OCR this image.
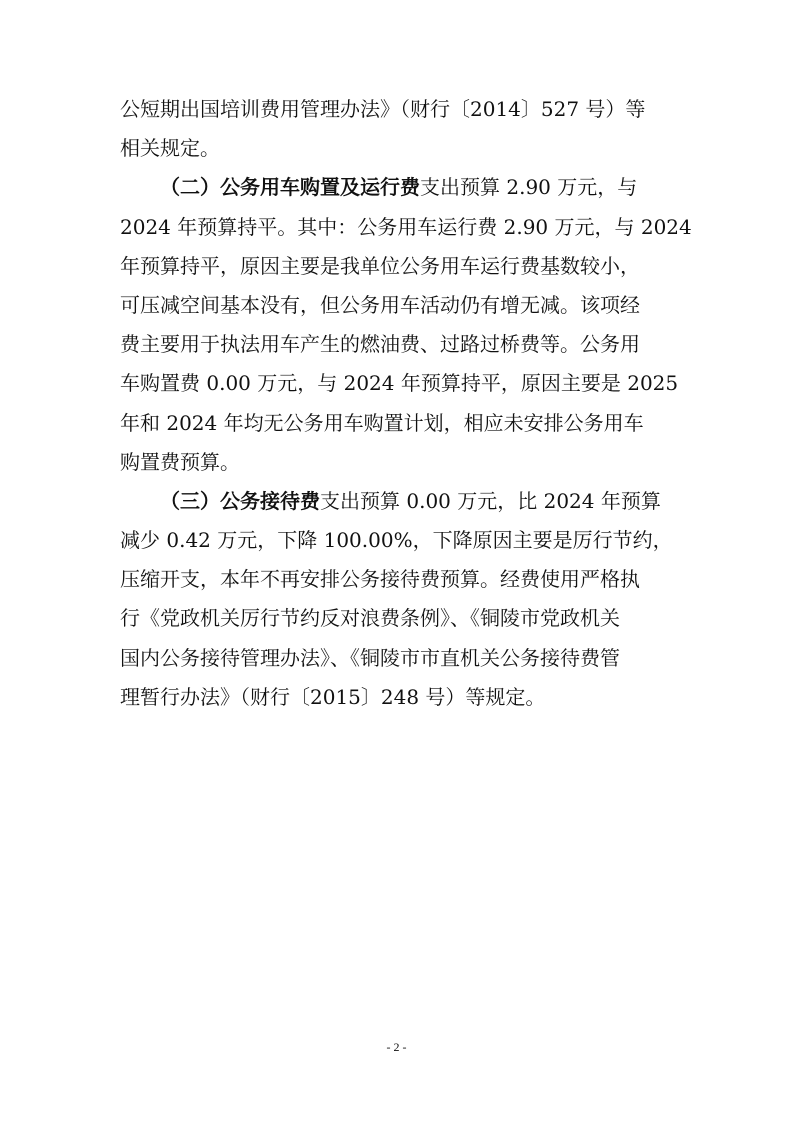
公短期出国培训费用管理办法》（财行〔2014〕527 号）等
相关规定。
（二）公务用车购置及运行费支出预算 2.90 万元，与
2024 年预算持平。其中：公务用车运行费 2.90 万元，与 2024
年预算持平，原因主要是我单位公务用车运行费基数较小，
可压减空间基本没有，但公务用车活动仍有增无减。该项经
费主要用于执法用车产生的燃油费、过路过桥费等。公务用
车购置费 0.00 万元，与 2024 年预算持平，原因主要是 2025
年和 2024 年均无公务用车购置计划，相应未安排公务用车
购置费预算。
（三）公务接待费支出预算 0.00 万元，比 2024 年预算
减少 0.42 万元，下降 100.00%，下降原因主要是厉行节约，
压缩开支，本年不再安排公务接待费预算。经费使用严格执
行《党政机关厉行节约反对浪费条例》、《铜陵市党政机关
国内公务接待管理办法》、《铜陵市市直机关公务接待费管
理暂行办法》（财行〔2015〕248 号）等规定。
- 2 -
